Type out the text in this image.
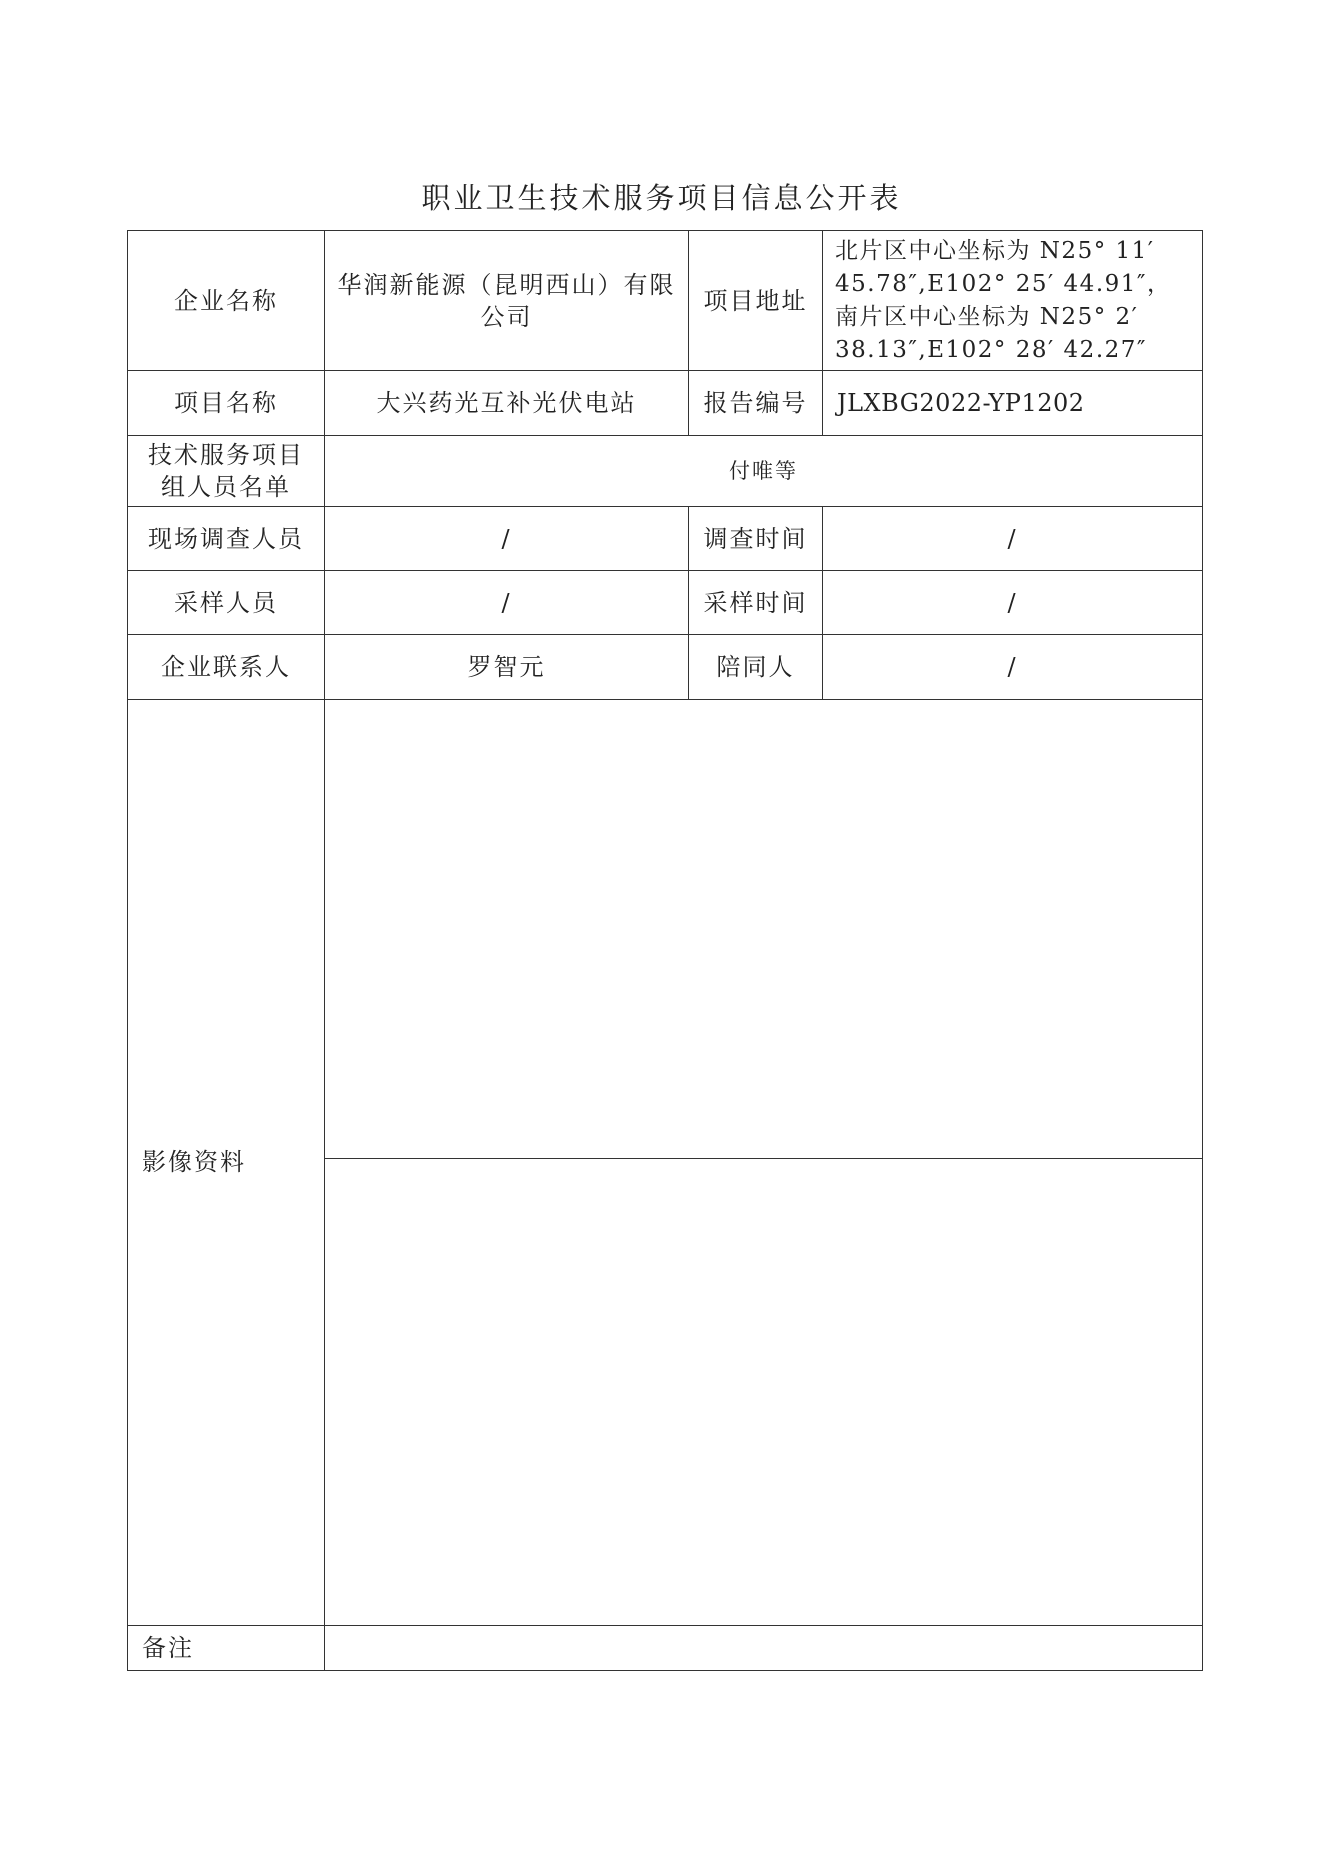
职业卫生技术服务项目信息公开表
企业名称	华润新能源（昆明西山）有限公司	项目地址	北片区中心坐标为 N25° 11′
45.78″,E102° 25′ 44.91″，
南片区中心坐标为 N25° 2′
38.13″,E102° 28′ 42.27″

项目名称	大兴药光互补光伏电站	报告编号	JLXBG2022-YP1202
技术服务项目组人员名单	付唯等		
现场调查人员	/	调查时间	/
采样人员	/	采样时间	/
企业联系人	罗智元	陪同人	/
影像资料			

备注			
